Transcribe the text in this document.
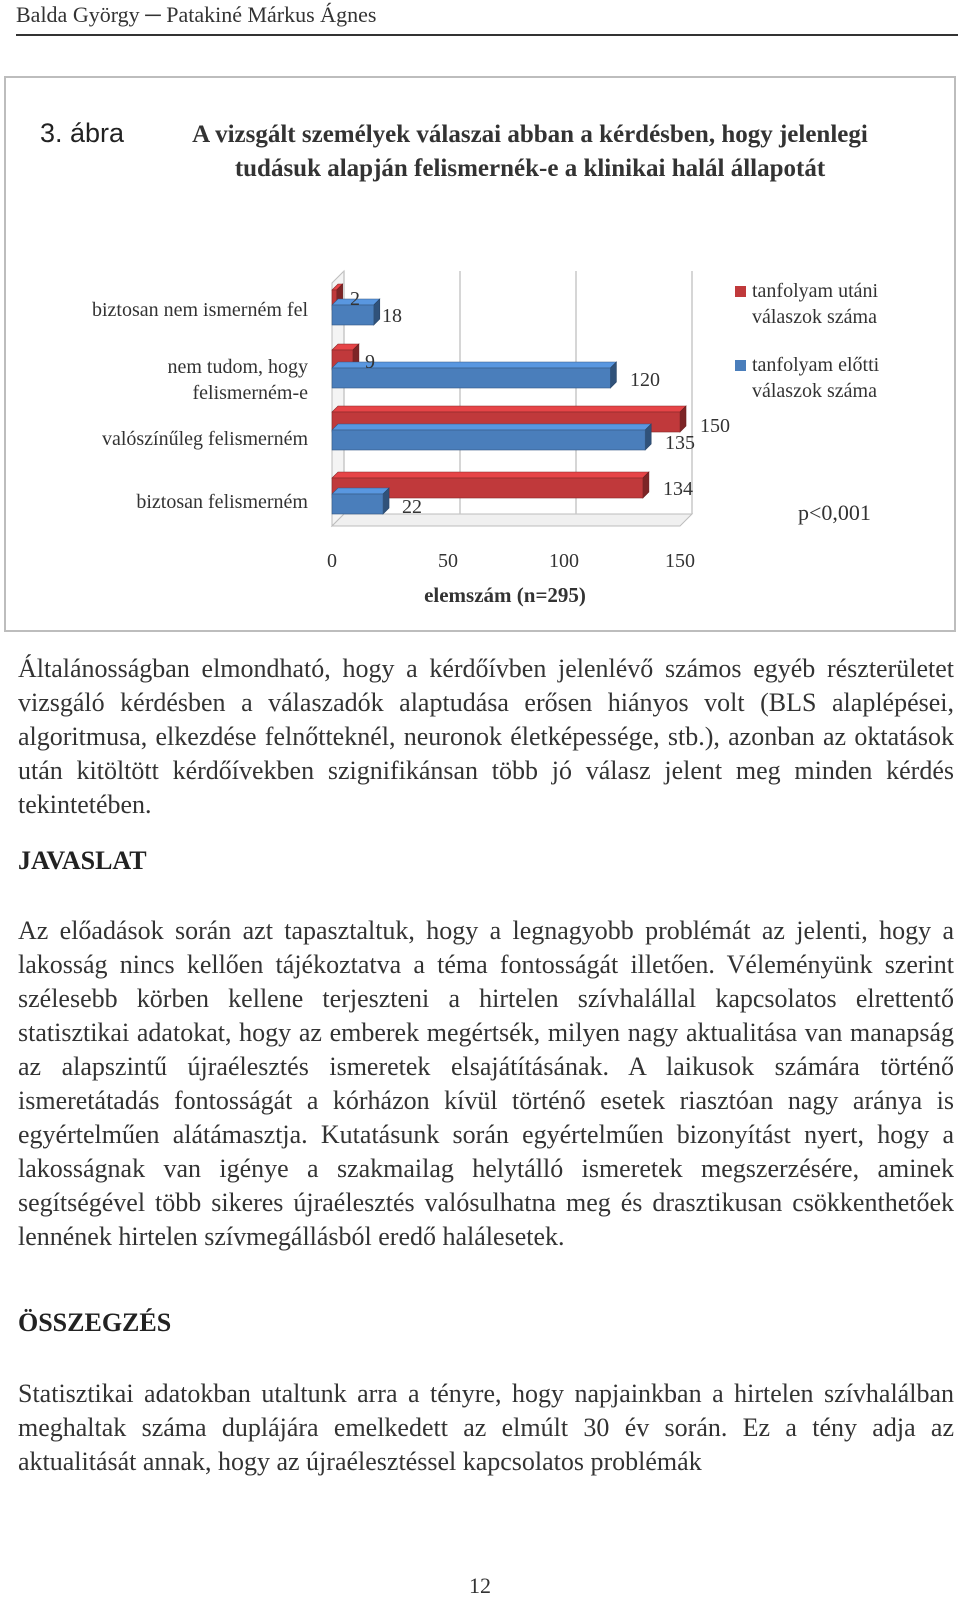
Balda György ─ Patakiné Márkus Ágnes
3. ábra	A vizsgált személyek válaszai abban a kérdésben, hogy jelenlegi tudásuk alapján felismernék-e a klinikai halál állapotát
biztosan nem ismerném fel
nem tudom, hogy
felismerném-e
valószínűleg felismerném
biztosan felismerném
2
9
150
134
18
120
135
22
0	50	100	150
elemszám (n=295)
tanfolyam utáni
válaszok száma
tanfolyam előtti
válaszok száma
p<0,001
Általánosságban elmondható, hogy a kérdőívben jelenlévő számos egyéb részterületet vizsgáló kérdésben a válaszadók alaptudása erősen hiányos volt (BLS alaplépései, algoritmusa, elkezdése felnőtteknél, neuronok életképessége, stb.), azonban az oktatások után kitöltött kérdőívekben szignifikánsan több jó válasz jelent meg minden kérdés tekintetében.
JAVASLAT
Az előadások során azt tapasztaltuk, hogy a legnagyobb problémát az jelenti, hogy a lakosság nincs kellően tájékoztatva a téma fontosságát illetően. Véleményünk szerint szélesebb körben kellene terjeszteni a hirtelen szívhalállal kapcsolatos elrettentő statisztikai adatokat, hogy az emberek megértsék, milyen nagy aktualitása van manapság az alapszintű újraélesztés ismeretek elsajátításának. A laikusok számára történő ismeretátadás fontosságát a kórházon kívül történő esetek riasztóan nagy aránya is egyértelműen alátámasztja. Kutatásunk során egyértelműen bizonyítást nyert, hogy a lakosságnak van igénye a szakmailag helytálló ismeretek megszerzésére, aminek segítségével több sikeres újraélesztés valósulhatna meg és drasztikusan csökkenthetőek lennének hirtelen szívmegállásból eredő halálesetek.
ÖSSZEGZÉS
Statisztikai adatokban utaltunk arra a tényre, hogy napjainkban a hirtelen szívhalálban meghaltak száma duplájára emelkedett az elmúlt 30 év során. Ez a tény adja az aktualitását annak, hogy az újraélesztéssel kapcsolatos problémák
12
